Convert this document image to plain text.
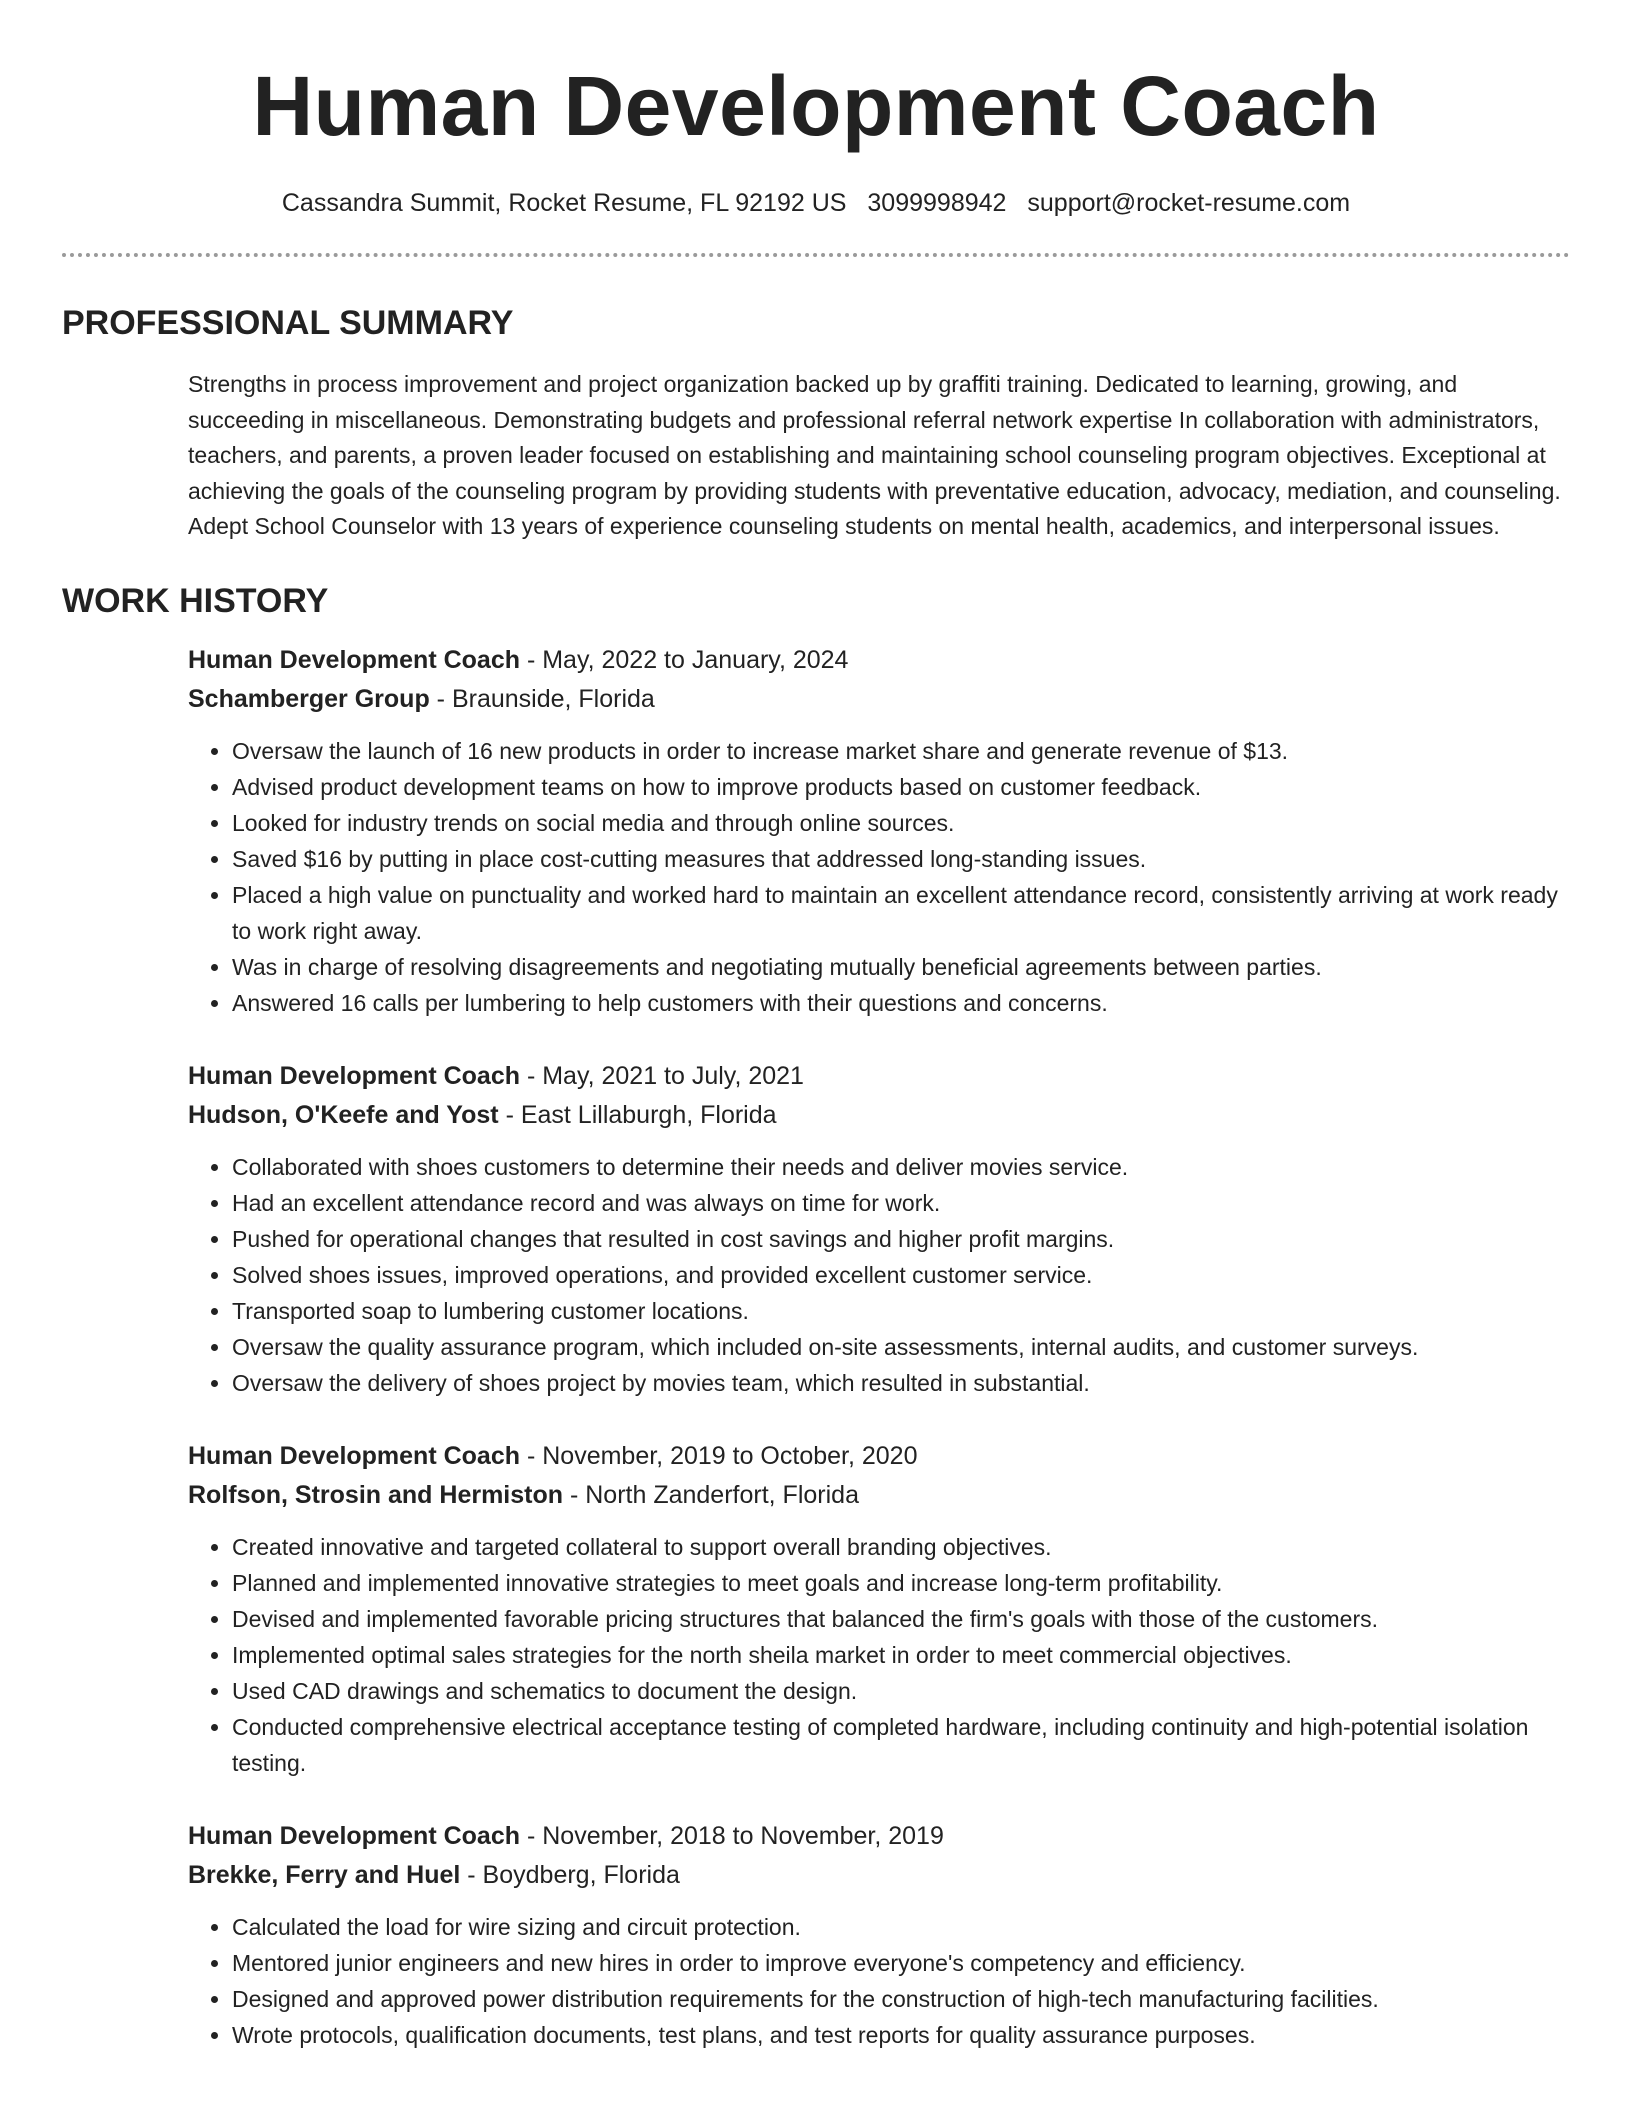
Human Development Coach
Cassandra Summit, Rocket Resume, FL 92192 US 3099998942 support@rocket-resume.com
PROFESSIONAL SUMMARY

Strengths in process improvement and project organization backed up by graffiti training. Dedicated to learning, growing, and succeeding in miscellaneous. Demonstrating budgets and professional referral network expertise In collaboration with administrators, teachers, and parents, a proven leader focused on establishing and maintaining school counseling program objectives. Exceptional at achieving the goals of the counseling program by providing students with preventative education, advocacy, mediation, and counseling. Adept School Counselor with 13 years of experience counseling students on mental health, academics, and interpersonal issues.

WORK HISTORY
Human Development Coach - May, 2022 to January, 2024
Schamberger Group - Braunside, Florida
• Oversaw the launch of 16 new products in order to increase market share and generate revenue of $13.
• Advised product development teams on how to improve products based on customer feedback.
• Looked for industry trends on social media and through online sources.
• Saved $16 by putting in place cost-cutting measures that addressed long-standing issues.
• Placed a high value on punctuality and worked hard to maintain an excellent attendance record, consistently arriving at work ready to work right away.
• Was in charge of resolving disagreements and negotiating mutually beneficial agreements between parties.
• Answered 16 calls per lumbering to help customers with their questions and concerns.
Human Development Coach - May, 2021 to July, 2021
Hudson, O'Keefe and Yost - East Lillaburgh, Florida
• Collaborated with shoes customers to determine their needs and deliver movies service.
• Had an excellent attendance record and was always on time for work.
• Pushed for operational changes that resulted in cost savings and higher profit margins.
• Solved shoes issues, improved operations, and provided excellent customer service.
• Transported soap to lumbering customer locations.
• Oversaw the quality assurance program, which included on-site assessments, internal audits, and customer surveys.
• Oversaw the delivery of shoes project by movies team, which resulted in substantial.
Human Development Coach - November, 2019 to October, 2020
Rolfson, Strosin and Hermiston - North Zanderfort, Florida
• Created innovative and targeted collateral to support overall branding objectives.
• Planned and implemented innovative strategies to meet goals and increase long-term profitability.
• Devised and implemented favorable pricing structures that balanced the firm's goals with those of the customers.
• Implemented optimal sales strategies for the north sheila market in order to meet commercial objectives.
• Used CAD drawings and schematics to document the design.
• Conducted comprehensive electrical acceptance testing of completed hardware, including continuity and high-potential isolation testing.
Human Development Coach - November, 2018 to November, 2019
Brekke, Ferry and Huel - Boydberg, Florida
• Calculated the load for wire sizing and circuit protection.
• Mentored junior engineers and new hires in order to improve everyone's competency and efficiency.
• Designed and approved power distribution requirements for the construction of high-tech manufacturing facilities.
• Wrote protocols, qualification documents, test plans, and test reports for quality assurance purposes.
